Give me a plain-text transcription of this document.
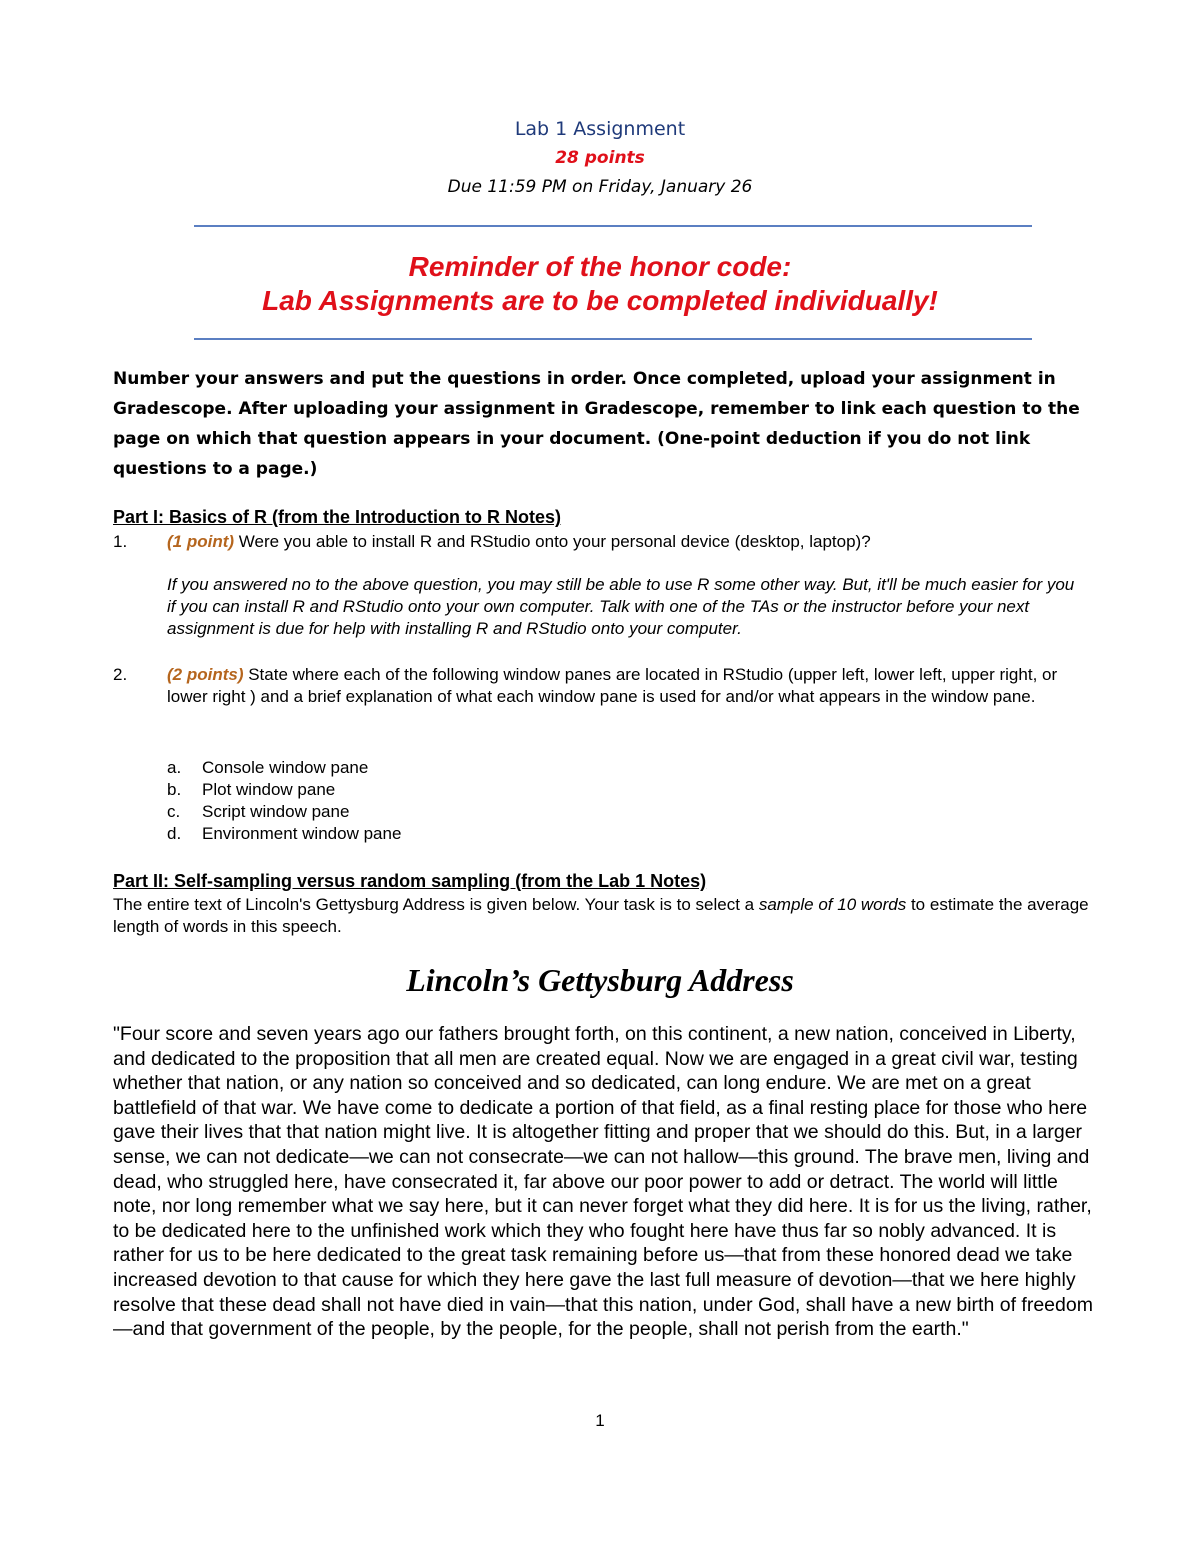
Lab 1 Assignment
28 points
Due 11:59 PM on Friday, January 26
Reminder of the honor code:
Lab Assignments are to be completed individually!
Number your answers and put the questions in order. Once completed, upload your assignment in Gradescope. After uploading your assignment in Gradescope, remember to link each question to the page on which that question appears in your document. (One-point deduction if you do not link questions to a page.)
Part I: Basics of R (from the Introduction to R Notes)
1. (1 point) Were you able to install R and RStudio onto your personal device (desktop, laptop)?
If you answered no to the above question, you may still be able to use R some other way. But, it'll be much easier for you if you can install R and RStudio onto your own computer. Talk with one of the TAs or the instructor before your next assignment is due for help with installing R and RStudio onto your computer.
2. (2 points) State where each of the following window panes are located in RStudio (upper left, lower left, upper right, or lower right ) and a brief explanation of what each window pane is used for and/or what appears in the window pane.
a. Console window pane
b. Plot window pane
c. Script window pane
d. Environment window pane
Part II: Self-sampling versus random sampling (from the Lab 1 Notes)
The entire text of Lincoln's Gettysburg Address is given below. Your task is to select a sample of 10 words to estimate the average length of words in this speech.
Lincoln’s Gettysburg Address
"Four score and seven years ago our fathers brought forth, on this continent, a new nation, conceived in Liberty, and dedicated to the proposition that all men are created equal. Now we are engaged in a great civil war, testing whether that nation, or any nation so conceived and so dedicated, can long endure. We are met on a great battlefield of that war. We have come to dedicate a portion of that field, as a final resting place for those who here gave their lives that that nation might live. It is altogether fitting and proper that we should do this. But, in a larger sense, we can not dedicate—we can not consecrate—we can not hallow—this ground. The brave men, living and dead, who struggled here, have consecrated it, far above our poor power to add or detract. The world will little note, nor long remember what we say here, but it can never forget what they did here. It is for us the living, rather, to be dedicated here to the unfinished work which they who fought here have thus far so nobly advanced. It is rather for us to be here dedicated to the great task remaining before us—that from these honored dead we take increased devotion to that cause for which they here gave the last full measure of devotion—that we here highly resolve that these dead shall not have died in vain—that this nation, under God, shall have a new birth of freedom—and that government of the people, by the people, for the people, shall not perish from the earth."
1
